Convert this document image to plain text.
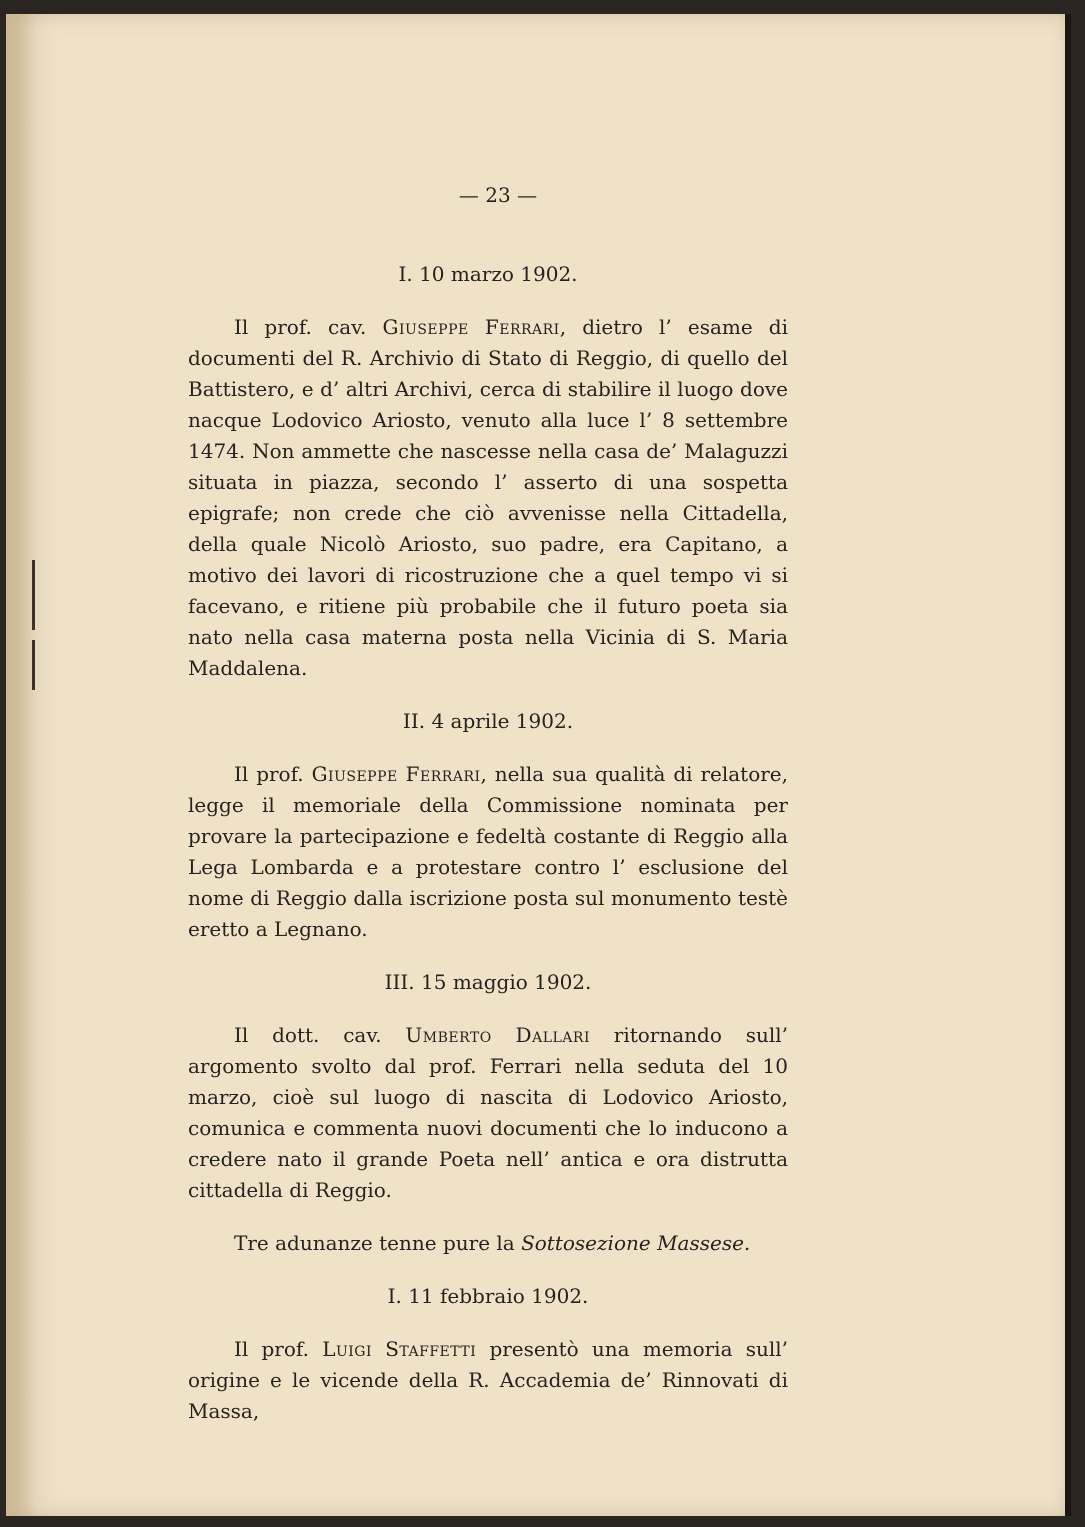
— 23 —

I. 10 marzo 1902.

Il prof. cav. Giuseppe Ferrari, dietro l’ esame di documenti del R. Archivio di Stato di Reggio, di quello del Battistero, e d’ altri Archivi, cerca di stabilire il luogo dove nacque Lodovico Ariosto, venuto alla luce l’ 8 settembre 1474. Non ammette che nascesse nella casa de’ Malaguzzi situata in piazza, secondo l’ asserto di una sospetta epigrafe; non crede che ciò avvenisse nella Cittadella, della quale Nicolò Ariosto, suo padre, era Capitano, a motivo dei lavori di ricostruzione che a quel tempo vi si facevano, e ritiene più probabile che il futuro poeta sia nato nella casa materna posta nella Vicinia di S. Maria Maddalena.

II. 4 aprile 1902.

Il prof. Giuseppe Ferrari, nella sua qualità di relatore, legge il memoriale della Commissione nominata per provare la partecipazione e fedeltà costante di Reggio alla Lega Lombarda e a protestare contro l’ esclusione del nome di Reggio dalla iscrizione posta sul monumento testè eretto a Legnano.

III. 15 maggio 1902.

Il dott. cav. Umberto Dallari ritornando sull’ argomento svolto dal prof. Ferrari nella seduta del 10 marzo, cioè sul luogo di nascita di Lodovico Ariosto, comunica e commenta nuovi documenti che lo inducono a credere nato il grande Poeta nell’ antica e ora distrutta cittadella di Reggio.

Tre adunanze tenne pure la Sottosezione Massese.

I. 11 febbraio 1902.

Il prof. Luigi Staffetti presentò una memoria sull’ origine e le vicende della R. Accademia de’ Rinnovati di Massa,
